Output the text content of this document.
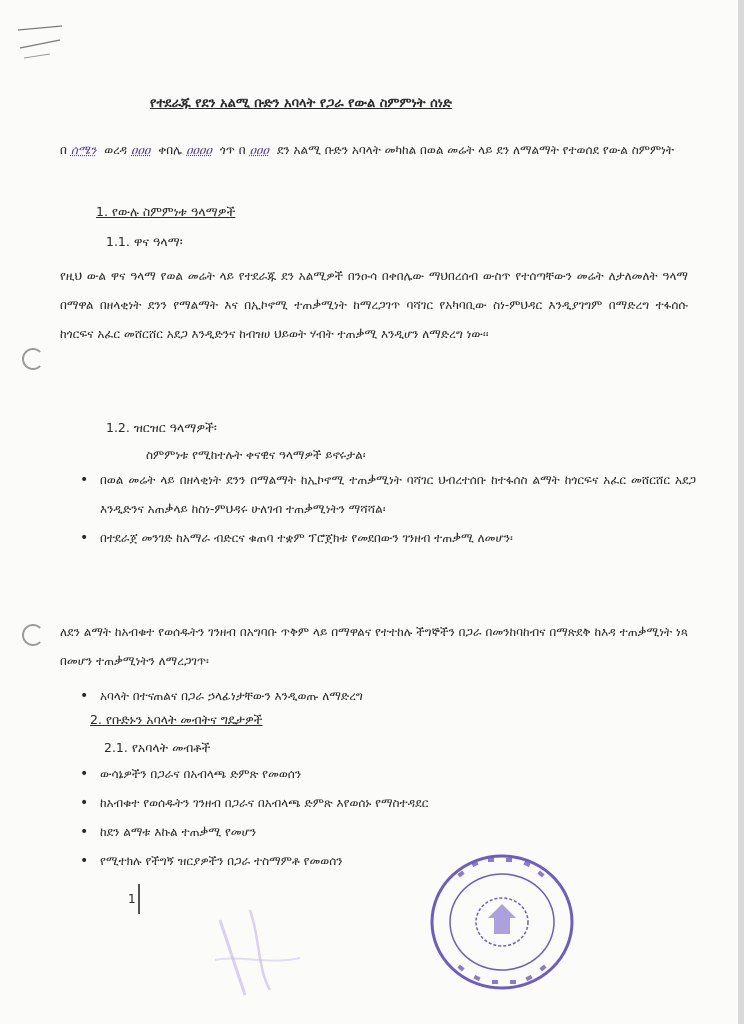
የተደራጁ የደን አልሚ ቡድን አባላት የጋራ የውል ስምምነት ሰነድ
በ ሰሜን ወረዳ ዐዐዐ ቀበሌ ዐዐዐዐ ጎጥ በ ዐዐዐ ደን አልሚ ቡድን አባላት መካከል በወል መሬት ላይ ደን ለማልማት የተወሰደ የውል ስምምነት
1. የውሉ ስምምነቱ ዓላማዎች
1.1. ዋና ዓላማ፡
የዚህ ውል ዋና ዓላማ የወል መሬት ላይ የተደራጁ ደን አልሚዎች በንዑሳ በቀበሌው ማህበረሰብ ውስጥ የተሰጣቸውን መሬት ለታለመለት ዓላማ በማዋል በዘላቂነት ደንን የማልማት እና በኢኮኖሚ ተጠቃሚነት ከማረጋገጥ ባሻገር የአካባቢው ስነ-ምህዳር እንዲያገግም በማድረግ ተፋሰሱ ከጎርፍና አፈር መሸርሸር አደጋ እንዲድንና ከብዝሀ ህይወት ሃብት ተጠቃሚ እንዲሆን ለማድረግ ነው፡፡
1.2. ዝርዝር ዓላማዎች፡
ስምምነቱ የሚከተሉት ቀናዊና ዓላማዎች ይኖሩታል፡
• በወል መሬት ላይ በዘላቂነት ደንን በማልማት ከኢኮኖሚ ተጠቃሚነት ባሻገር ህብረተሰቡ ከተፋሰስ ልማት ከጎርፍና አፈር መሸርሸር አደጋ እንዲድንና አጠቃላይ ከስነ-ምህዳሩ ሁለገብ ተጠቃሚነትን ማሻሻል፡
• በተደራጀ መንገድ ከአማራ ብድርና ቁጠባ ተቋም ፕሮጀክቱ የመደበውን ገንዘብ ተጠቃሚ ለመሆን፡
ለደን ልማት ከአብቁተ የወሰዱትን ገንዘብ በአግባቡ ጥቅም ላይ በማዋልና የተተከሉ ችግኞችን በጋራ በመንከባከብና በማጽደቅ ከእዳ ተጠቃሚነት ነጻ በመሆን ተጠቃሚነትን ለማረጋገጥ፡
• አባላት በተናጠልና በጋራ ኃላፊነታቸውን እንዲወጡ ለማድረግ
2. የቡድኑን አባላት መብትና ግዴታዎች
2.1. የአባላት መብቶች
• ውሳኔዎችን በጋራና በአብላጫ ድምጽ የመወሰን
• ከአብቁተ የወሰዱትን ገንዘብ በጋራና በአብላጫ ድምጽ እየወሰኑ የማስተዳደር
• ከደን ልማቱ እኩል ተጠቃሚ የመሆን
• የሚተክሉ የችግኝ ዝርያዎችን በጋራ ተስማምቶ የመወሰን
1
